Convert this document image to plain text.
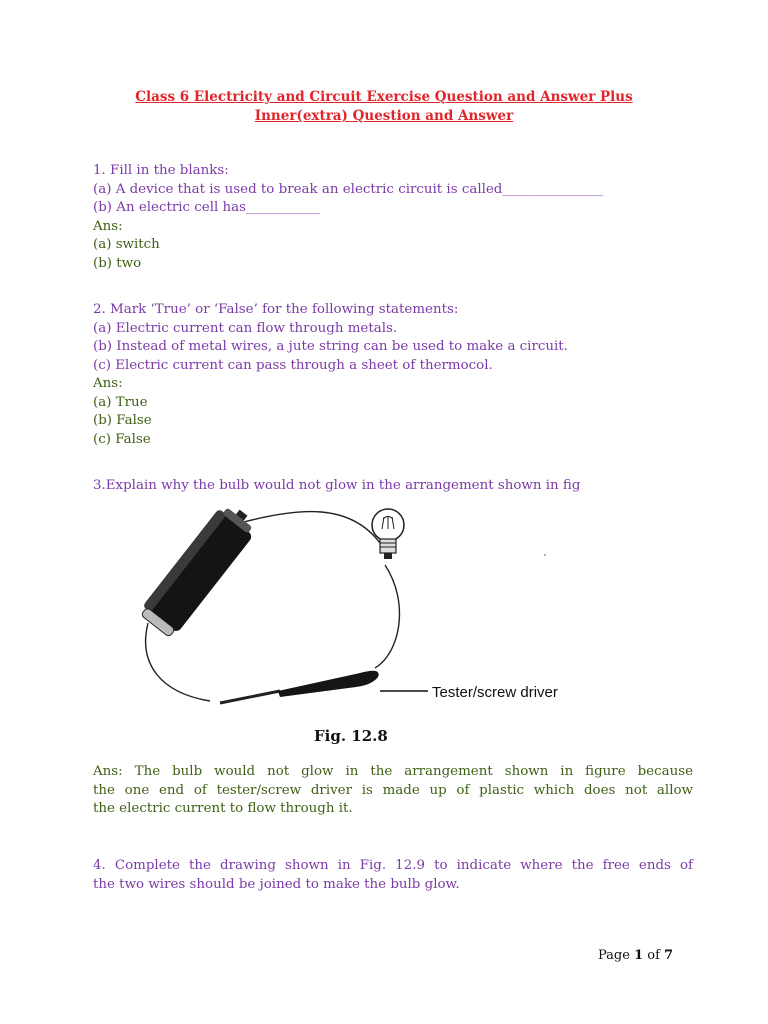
Class 6 Electricity and Circuit Exercise Question and Answer Plus
Inner(extra) Question and Answer
1. Fill in the blanks:
(a) A device that is used to break an electric circuit is called_______________
(b) An electric cell has___________
Ans:
(a) switch
(b) two
2. Mark ‘True’ or ‘False’ for the following statements:
(a) Electric current can flow through metals.
(b) Instead of metal wires, a jute string can be used to make a circuit.
(c) Electric current can pass through a sheet of thermocol.
Ans:
(a) True
(b) False
(c) False
3.Explain why the bulb would not glow in the arrangement shown in fig
Tester/screw driver
Fig. 12.8
Ans: The bulb would not glow in the arrangement shown in figure because
the one end of tester/screw driver is made up of plastic which does not allow
the electric current to flow through it.
4. Complete the drawing shown in Fig. 12.9 to indicate where the free ends of
the two wires should be joined to make the bulb glow.
Page 1 of 7
